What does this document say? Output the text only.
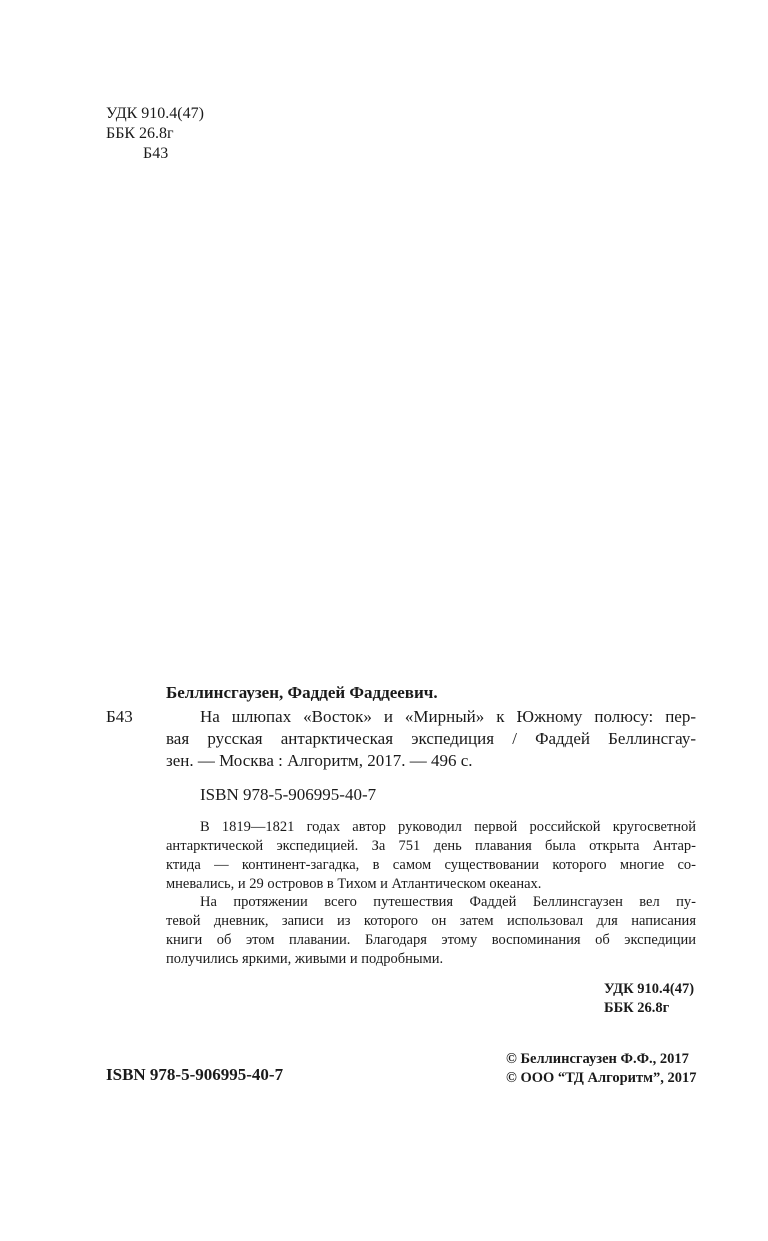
УДК 910.4(47)
ББК 26.8г
Б43
Беллинсгаузен, Фаддей Фаддеевич.
Б43	На шлюпах «Восток» и «Мирный» к Южному полюсу: пер-
вая русская антарктическая экспедиция / Фаддей Беллинсгау-
зен. — Москва : Алгоритм, 2017. — 496 с.
ISBN 978-5-906995-40-7
В 1819—1821 годах автор руководил первой российской кругосветной
антарктической экспедицией. За 751 день плавания была открыта Антар-
ктида — континент-загадка, в самом существовании которого многие со-
мневались, и 29 островов в Тихом и Атлантическом океанах.
На протяжении всего путешествия Фаддей Беллинсгаузен вел пу-
тевой дневник, записи из которого он затем использовал для написания
книги об этом плавании. Благодаря этому воспоминания об экспедиции
получились яркими, живыми и подробными.
УДК 910.4(47)
ББК 26.8г
ISBN 978-5-906995-40-7
© Беллинсгаузен Ф.Ф., 2017
© ООО “ТД Алгоритм”, 2017
